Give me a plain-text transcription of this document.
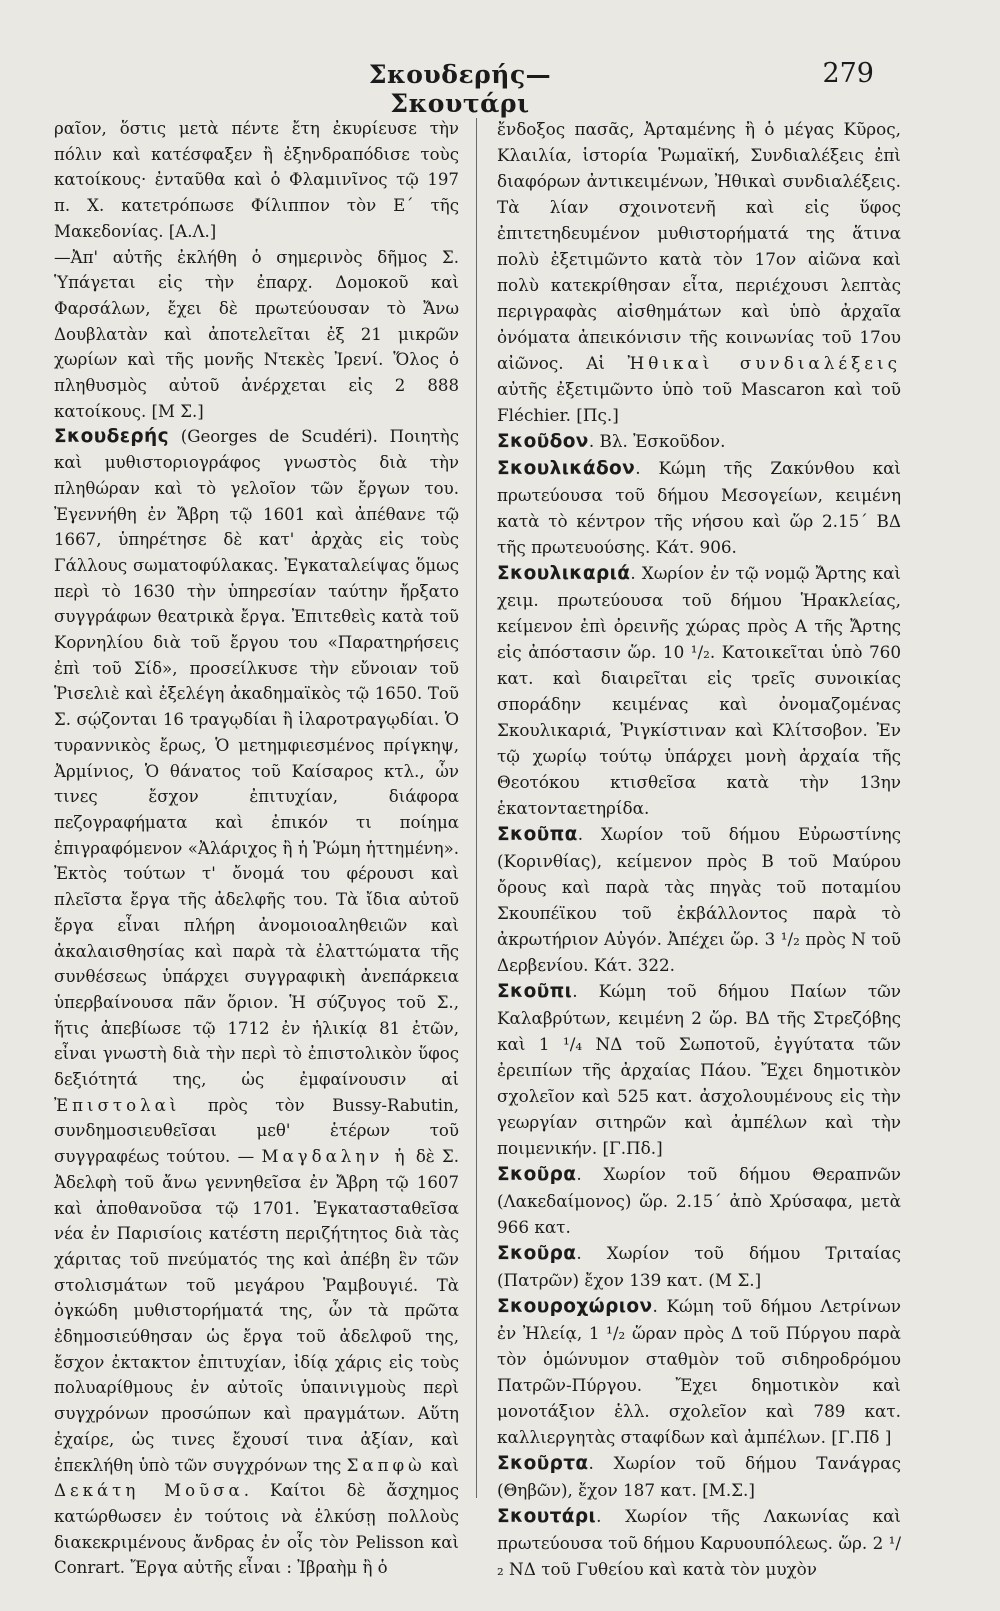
Σκουδερής—Σκουτάρι
279

ραῖον, ὅστις μετὰ πέντε ἔτη ἐκυρίευσε τὴν πόλιν καὶ κατέσφαξεν ἢ ἐξηνδραπόδισε τοὺς κατοίκους· ἐνταῦθα καὶ ὁ Φλαμινῖνος τῷ 197 π. Χ. κατετρόπωσε Φίλιππον τὸν Ε΄ τῆς Μακεδονίας. [Α.Λ.]

—Ἀπ' αὐτῆς ἐκλήθη ὁ σημερινὸς δῆμος Σ. Ὑπάγεται εἰς τὴν ἐπαρχ. Δομοκοῦ καὶ Φαρσάλων, ἔχει δὲ πρωτεύουσαν τὸ Ἄνω Δουβλατὰν καὶ ἀποτελεῖται ἐξ 21 μικρῶν χωρίων καὶ τῆς μονῆς Ντεκὲς Ἰρενί. Ὅλος ὁ πληθυσμὸς αὐτοῦ ἀνέρχεται εἰς 2 888 κατοίκους. [Μ Σ.]

Σκουδερής (Georges de Scudéri). Ποιητὴς καὶ μυθιστοριογράφος γνωστὸς διὰ τὴν πληθώραν καὶ τὸ γελοῖον τῶν ἔργων του. Ἐγεννήθη ἐν Ἄβρη τῷ 1601 καὶ ἀπέθανε τῷ 1667, ὑπηρέτησε δὲ κατ' ἀρχὰς εἰς τοὺς Γάλλους σωματοφύλακας. Ἐγκαταλείψας ὅμως περὶ τὸ 1630 τὴν ὑπηρεσίαν ταύτην ἤρξατο συγγράφων θεατρικὰ ἔργα. Ἐπιτεθεὶς κατὰ τοῦ Κορνηλίου διὰ τοῦ ἔργου του «Παρατηρήσεις ἐπὶ τοῦ Σίδ», προσείλκυσε τὴν εὔνοιαν τοῦ Ῥισελιὲ καὶ ἐξελέγη ἀκαδημαϊκὸς τῷ 1650. Τοῦ Σ. σῴζονται 16 τραγῳδίαι ἢ ἱλαροτραγῳδίαι. Ὁ τυραννικὸς ἔρως, Ὁ μετημφιεσμένος πρίγκηψ, Ἀρμίνιος, Ὁ θάνατος τοῦ Καίσαρος κτλ., ὧν τινες ἔσχον ἐπιτυχίαν, διάφορα πεζογραφήματα καὶ ἐπικόν τι ποίημα ἐπιγραφόμενον «Ἀλάριχος ἢ ἡ Ῥώμη ἡττημένη». Ἐκτὸς τούτων τ' ὄνομά του φέρουσι καὶ πλεῖστα ἔργα τῆς ἀδελφῆς του. Τὰ ἴδια αὐτοῦ ἔργα εἶναι πλήρη ἀνομοιοαληθειῶν καὶ ἀκαλαισθησίας καὶ παρὰ τὰ ἐλαττώματα τῆς συνθέσεως ὑπάρχει συγγραφικὴ ἀνεπάρκεια ὑπερβαίνουσα πᾶν ὅριον. Ἡ σύζυγος τοῦ Σ., ἥτις ἀπεβίωσε τῷ 1712 ἐν ἡλικίᾳ 81 ἐτῶν, εἶναι γνωστὴ διὰ τὴν περὶ τὸ ἐπιστολικὸν ὕφος δεξιότητά της, ὡς ἐμφαίνουσιν αἱ Ἐπιστολαὶ πρὸς τὸν Bussy-Rabutin, συνδημοσιευθεῖσαι μεθ' ἑτέρων τοῦ συγγραφέως τούτου. — Μαγδαλην ἡ δὲ Σ. Ἀδελφὴ τοῦ ἄνω γεννηθεῖσα ἐν Ἄβρη τῷ 1607 καὶ ἀποθανοῦσα τῷ 1701. Ἐγκατασταθεῖσα νέα ἐν Παρισίοις κατέστη περιζήτητος διὰ τὰς χάριτας τοῦ πνεύματός της καὶ ἀπέβη ἓν τῶν στολισμάτων τοῦ μεγάρου Ῥαμβουγιέ. Τὰ ὀγκώδη μυθιστορήματά της, ὧν τὰ πρῶτα ἐδημοσιεύθησαν ὡς ἔργα τοῦ ἀδελφοῦ της, ἔσχον ἐκτακτον ἐπιτυχίαν, ἰδίᾳ χάρις εἰς τοὺς πολυαρίθμους ἐν αὐτοῖς ὑπαινιγμοὺς περὶ συγχρόνων προσώπων καὶ πραγμάτων. Αὕτη ἐχαίρε, ὡς τινες ἔχουσί τινα ἀξίαν, καὶ ἐπεκλήθη ὑπὸ τῶν συγχρόνων της Σαπφὼ καὶ Δεκάτη Μοῦσα. Καίτοι δὲ ἄσχημος κατώρθωσεν ἐν τούτοις νὰ ἑλκύσῃ πολλοὺς διακεκριμένους ἄνδρας ἐν οἷς τὸν Pelisson καὶ Conrart. Ἔργα αὐτῆς εἶναι : Ἰβραὴμ ἢ ὁ

ἔνδοξος πασᾶς, Ἀρταμένης ἢ ὁ μέγας Κῦρος, Κλαιλία, ἱστορία Ῥωμαϊκή, Συνδιαλέξεις ἐπὶ διαφόρων ἀντικειμένων, Ἠθικαὶ συνδιαλέξεις. Τὰ λίαν σχοινοτενῆ καὶ εἰς ὕφος ἐπιτετηδευμένον μυθιστορήματά της ἅτινα πολὺ ἐξετιμῶντο κατὰ τὸν 17ον αἰῶνα καὶ πολὺ κατεκρίθησαν εἶτα, περιέχουσι λεπτὰς περιγραφὰς αἰσθημάτων καὶ ὑπὸ ἀρχαῖα ὀνόματα ἀπεικόνισιν τῆς κοινωνίας τοῦ 17ου αἰῶνος. Αἱ Ἠθικαὶ συνδιαλέξεις αὐτῆς ἐξετιμῶντο ὑπὸ τοῦ Mascaron καὶ τοῦ Fléchier. [Πς.]

Σκοῦδον. Βλ. Ἐσκοῦδον.

Σκουλικάδον. Κώμη τῆς Ζακύνθου καὶ πρωτεύουσα τοῦ δήμου Μεσογείων, κειμένη κατὰ τὸ κέντρον τῆς νήσου καὶ ὥρ 2.15΄ ΒΔ τῆς πρωτευούσης. Κάτ. 906.

Σκουλικαριά. Χωρίον ἐν τῷ νομῷ Ἄρτης καὶ χειμ. πρωτεύουσα τοῦ δήμου Ἡρακλείας, κείμενον ἐπὶ ὀρεινῆς χώρας πρὸς Α τῆς Ἄρτης εἰς ἀπόστασιν ὥρ. 10 ¹/₂. Κατοικεῖται ὑπὸ 760 κατ. καὶ διαιρεῖται εἰς τρεῖς συνοικίας σποράδην κειμένας καὶ ὀνομαζομένας Σκουλικαριά, Ῥιγκίστιναν καὶ Κλίτσοβον. Ἐν τῷ χωρίῳ τούτῳ ὑπάρχει μονὴ ἀρχαία τῆς Θεοτόκου κτισθεῖσα κατὰ τὴν 13ην ἑκατονταετηρίδα.

Σκοῦπα. Χωρίον τοῦ δήμου Εὐρωστίνης (Κορινθίας), κείμενον πρὸς Β τοῦ Μαύρου ὄρους καὶ παρὰ τὰς πηγὰς τοῦ ποταμίου Σκουπέϊκου τοῦ ἐκβάλλοντος παρὰ τὸ ἀκρωτήριον Αὐγόν. Ἀπέχει ὥρ. 3 ¹/₂ πρὸς Ν τοῦ Δερβενίου. Κάτ. 322.

Σκοῦπι. Κώμη τοῦ δήμου Παίων τῶν Καλαβρύτων, κειμένη 2 ὥρ. ΒΔ τῆς Στρεζόβης καὶ 1 ¹/₄ ΝΔ τοῦ Σωποτοῦ, ἐγγύτατα τῶν ἐρειπίων τῆς ἀρχαίας Πάου. Ἔχει δημοτικὸν σχολεῖον καὶ 525 κατ. ἀσχολουμένους εἰς τὴν γεωργίαν σιτηρῶν καὶ ἀμπέλων καὶ τὴν ποιμενικήν. [Γ.Πδ.]

Σκοῦρα. Χωρίον τοῦ δήμου Θεραπνῶν (Λακεδαίμονος) ὥρ. 2.15΄ ἀπὸ Χρύσαφα, μετὰ 966 κατ.

Σκοῦρα. Χωρίον τοῦ δήμου Τριταίας (Πατρῶν) ἔχον 139 κατ. (Μ Σ.]

Σκουροχώριον. Κώμη τοῦ δήμου Λετρίνων ἐν Ἠλείᾳ, 1 ¹/₂ ὥραν πρὸς Δ τοῦ Πύργου παρὰ τὸν ὁμώνυμον σταθμὸν τοῦ σιδηροδρόμου Πατρῶν-Πύργου. Ἔχει δημοτικὸν καὶ μονοτάξιον ἑλλ. σχολεῖον καὶ 789 κατ. καλλιεργητὰς σταφίδων καὶ ἀμπέλων. [Γ.Πδ ]

Σκοῦρτα. Χωρίον τοῦ δήμου Τανάγρας (Θηβῶν), ἔχον 187 κατ. [Μ.Σ.]

Σκουτάρι. Χωρίον τῆς Λακωνίας καὶ πρωτεύουσα τοῦ δήμου Καρυουπόλεως. ὥρ. 2 ¹/₂ ΝΔ τοῦ Γυθείου καὶ κατὰ τὸν μυχὸν
